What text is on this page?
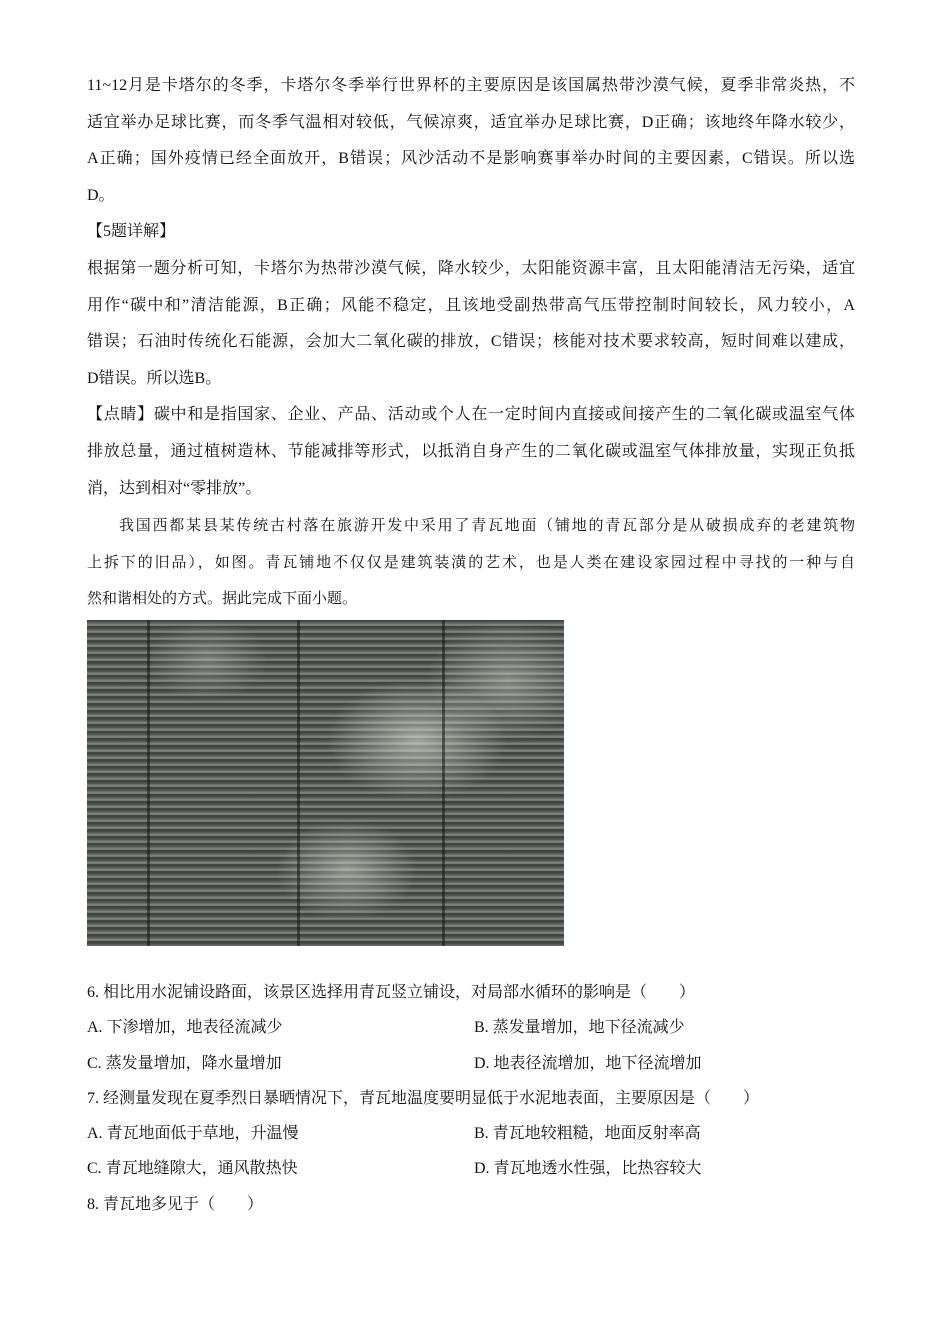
11~12月是卡塔尔的冬季，卡塔尔冬季举行世界杯的主要原因是该国属热带沙漠气候，夏季非常炎热，不
适宜举办足球比赛，而冬季气温相对较低，气候凉爽，适宜举办足球比赛，D正确；该地终年降水较少，
A正确；国外疫情已经全面放开，B错误；风沙活动不是影响赛事举办时间的主要因素，C错误。所以选
D。
【5题详解】
根据第一题分析可知，卡塔尔为热带沙漠气候，降水较少，太阳能资源丰富，且太阳能清洁无污染，适宜
用作“碳中和”清洁能源，B正确；风能不稳定，且该地受副热带高气压带控制时间较长，风力较小，A
错误；石油时传统化石能源，会加大二氧化碳的排放，C错误；核能对技术要求较高，短时间难以建成，
D错误。所以选B。
【点睛】碳中和是指国家、企业、产品、活动或个人在一定时间内直接或间接产生的二氧化碳或温室气体
排放总量，通过植树造林、节能减排等形式，以抵消自身产生的二氧化碳或温室气体排放量，实现正负抵
消，达到相对“零排放”。
我国西都某县某传统古村落在旅游开发中采用了青瓦地面（铺地的青瓦部分是从破损成弃的老建筑物
上拆下的旧品），如图。青瓦铺地不仅仅是建筑装潢的艺术，也是人类在建设家园过程中寻找的一种与自
然和谐相处的方式。据此完成下面小题。
6. 相比用水泥铺设路面，该景区选择用青瓦竖立铺设，对局部水循环的影响是（　　）
A. 下渗增加，地表径流减少	B. 蒸发量增加，地下径流减少
C. 蒸发量增加，降水量增加	D. 地表径流增加，地下径流增加
7. 经测量发现在夏季烈日暴晒情况下，青瓦地温度要明显低于水泥地表面，主要原因是（　　）
A. 青瓦地面低于草地，升温慢	B. 青瓦地较粗糙，地面反射率高
C. 青瓦地缝隙大，通风散热快	D. 青瓦地透水性强，比热容较大
8. 青瓦地多见于（　　）
